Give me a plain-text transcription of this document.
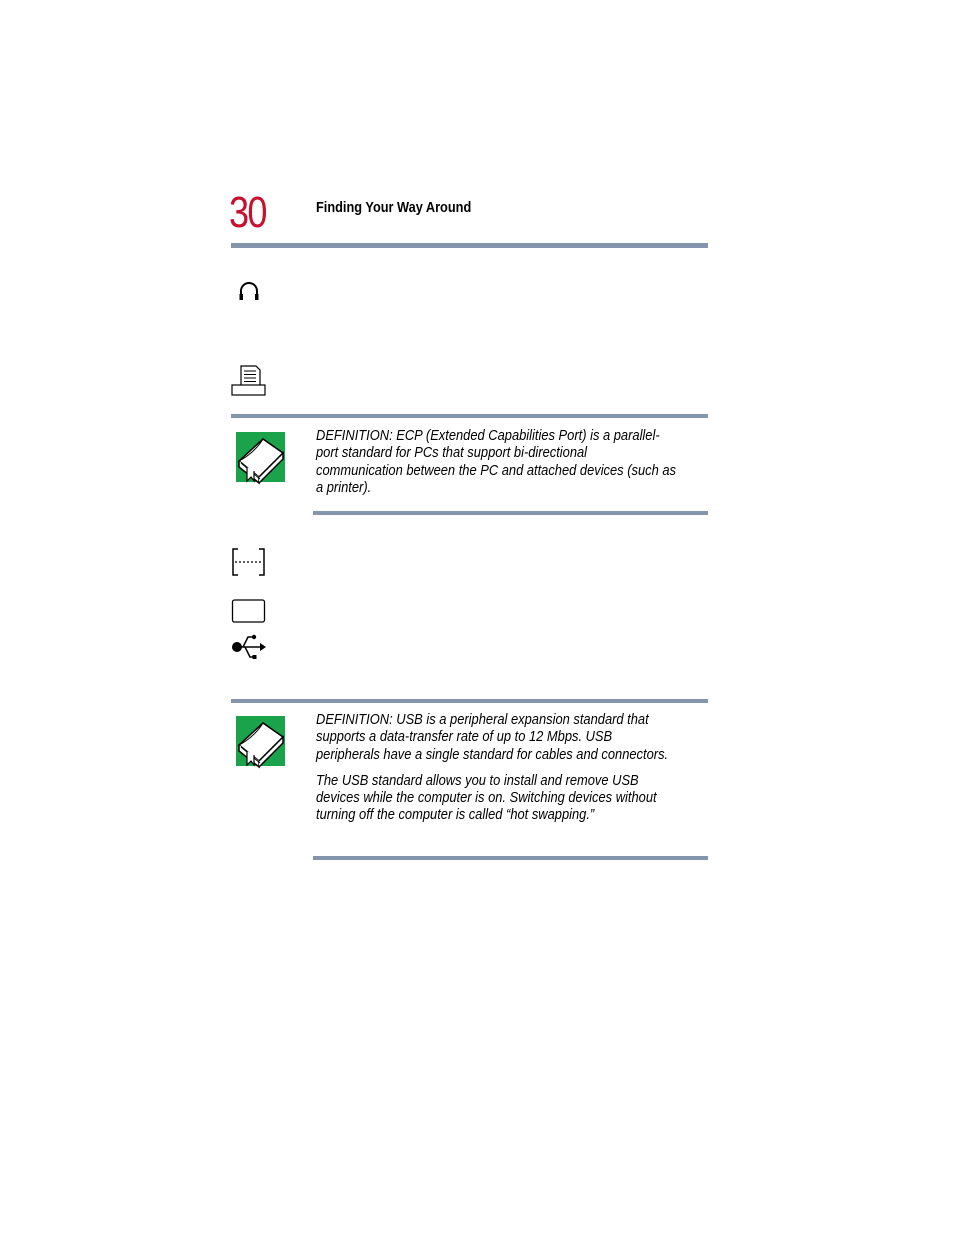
30	Finding Your Way Around

DEFINITION: ECP (Extended Capabilities Port) is a parallel-port standard for PCs that support bi-directional communication between the PC and attached devices (such as a printer).

DEFINITION: USB is a peripheral expansion standard that supports a data-transfer rate of up to 12 Mbps. USB peripherals have a single standard for cables and connectors.

The USB standard allows you to install and remove USB devices while the computer is on. Switching devices without turning off the computer is called “hot swapping.”
